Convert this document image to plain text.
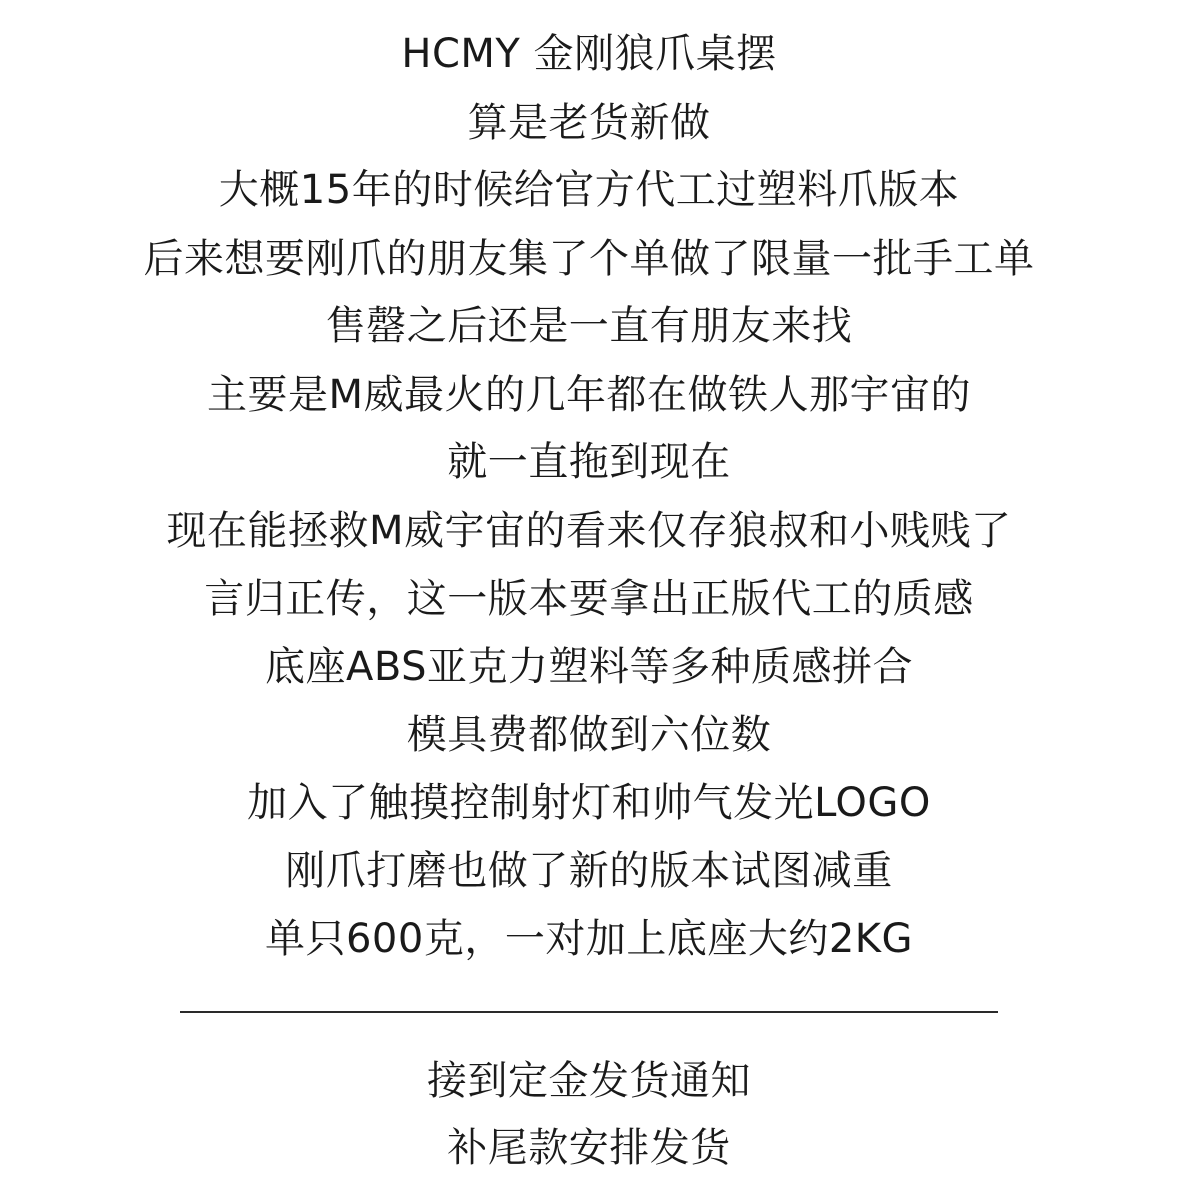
HCMY 金刚狼爪桌摆
算是老货新做
大概15年的时候给官方代工过塑料爪版本
后来想要刚爪的朋友集了个单做了限量一批手工单
售罄之后还是一直有朋友来找
主要是M威最火的几年都在做铁人那宇宙的
就一直拖到现在
现在能拯救M威宇宙的看来仅存狼叔和小贱贱了
言归正传，这一版本要拿出正版代工的质感
底座ABS亚克力塑料等多种质感拼合
模具费都做到六位数
加入了触摸控制射灯和帅气发光LOGO
刚爪打磨也做了新的版本试图减重
单只600克，一对加上底座大约2KG
接到定金发货通知
补尾款安排发货
